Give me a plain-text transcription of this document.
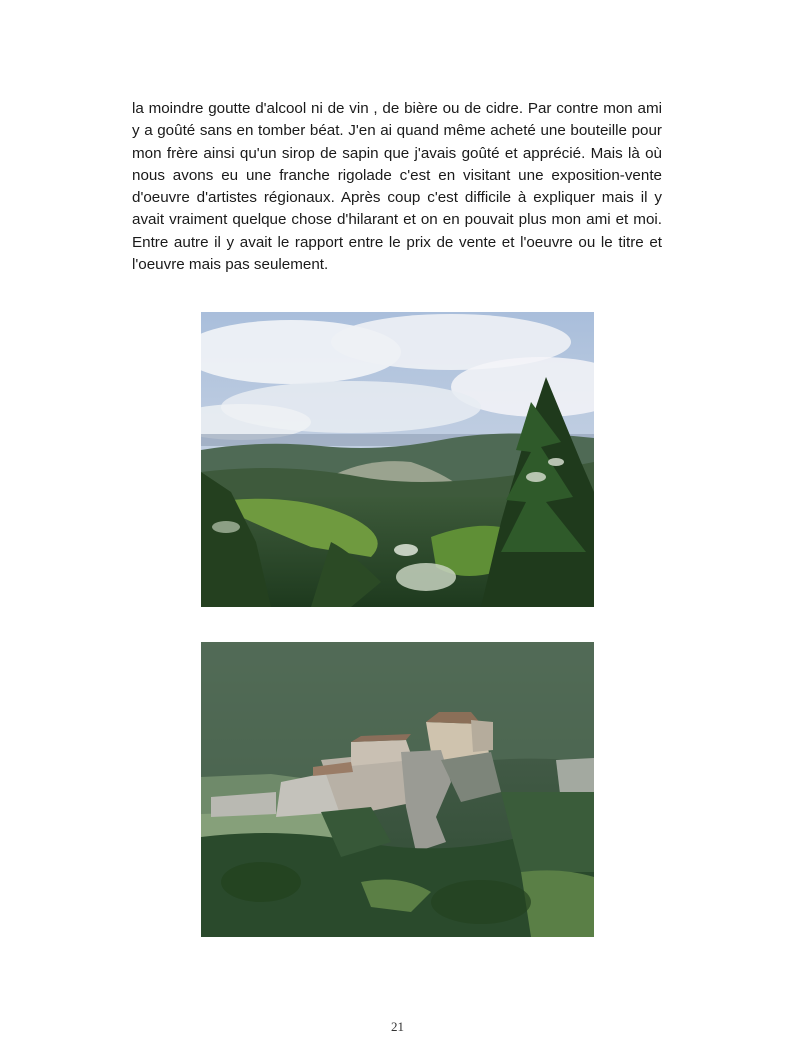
la moindre goutte d'alcool ni de vin , de bière ou de cidre. Par contre mon ami y a goûté sans en tomber béat. J'en ai quand même acheté une bouteille pour mon frère ainsi qu'un sirop de sapin que j'avais goûté et apprécié. Mais là où nous avons eu une franche rigolade c'est en visitant une exposition-vente d'oeuvre d'artistes régionaux. Après coup c'est difficile à expliquer mais il y avait vraiment quelque chose d'hilarant et on en pouvait plus mon ami et moi. Entre autre il y avait le rapport entre le prix de vente et l'oeuvre ou le titre et l'oeuvre mais pas seulement.

21
